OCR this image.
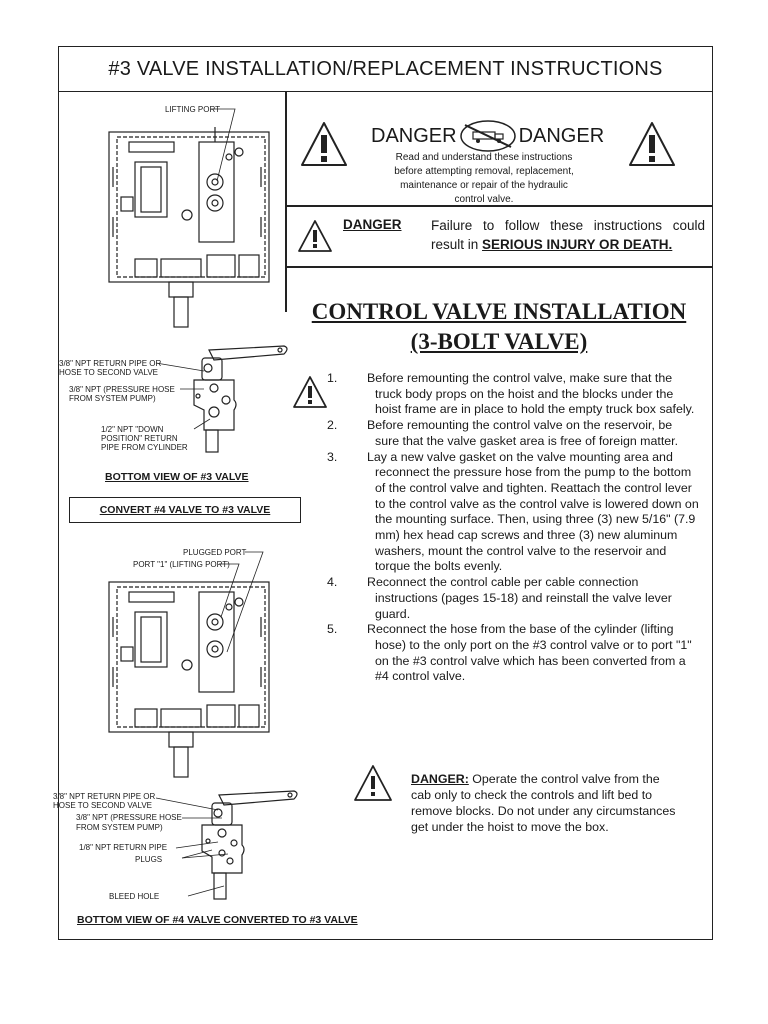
#3 VALVE INSTALLATION/REPLACEMENT INSTRUCTIONS
DANGER	DANGER
Read and understand these instructions before attempting removal, replacement, maintenance or repair of the hydraulic control valve.
DANGER Failure to follow these instructions could result in SERIOUS INJURY OR DEATH.
CONTROL VALVE INSTALLATION
(3-BOLT VALVE)
1. Before remounting the control valve, make sure that the truck body props on the hoist and the blocks under the hoist frame are in place to hold the empty truck box safely.
2. Before remounting the control valve on the reservoir, be sure that the valve gasket area is free of foreign matter.
3. Lay a new valve gasket on the valve mounting area and reconnect the pressure hose from the pump to the bottom of the control valve and tighten. Reattach the control lever to the control valve as the control valve is lowered down on the mounting surface. Then, using three (3) new 5/16" (7.9 mm) hex head cap screws and three (3) new aluminum washers, mount the control valve to the reservoir and torque the bolts evenly.
4. Reconnect the control cable per cable connection instructions (pages 15-18) and reinstall the valve lever guard.
5. Reconnect the hose from the base of the cylinder (lifting hose) to the only port on the #3 control valve or to port "1" on the #3 control valve which has been converted from a #4 control valve.
DANGER: Operate the control valve from the cab only to check the controls and lift bed to remove blocks. Do not under any circumstances get under the hoist to move the box.
LIFTING PORT
3/8" NPT RETURN PIPE OR
HOSE TO SECOND VALVE
3/8" NPT (PRESSURE HOSE
FROM SYSTEM PUMP)
1/2" NPT "DOWN
POSITION" RETURN
PIPE FROM CYLINDER
BOTTOM VIEW OF #3 VALVE
CONVERT #4 VALVE TO #3 VALVE
PLUGGED PORT
PORT "1" (LIFTING PORT)
3/8" NPT RETURN PIPE OR
HOSE TO SECOND VALVE
3/8" NPT (PRESSURE HOSE
FROM SYSTEM PUMP)
1/8" NPT RETURN PIPE
PLUGS
BLEED HOLE
BOTTOM VIEW OF #4 VALVE CONVERTED TO #3 VALVE
